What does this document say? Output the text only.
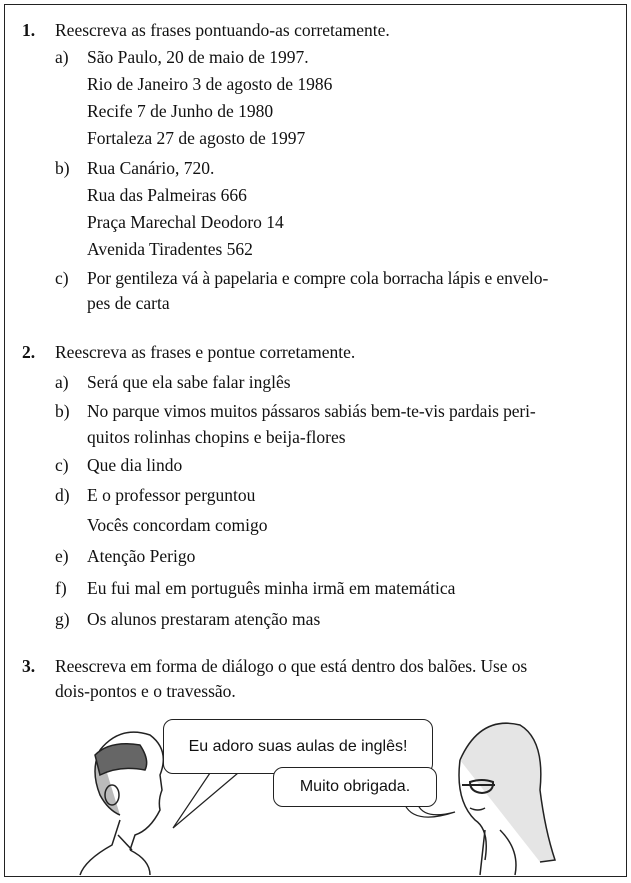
1. Reescreva as frases pontuando-as corretamente.
a) São Paulo, 20 de maio de 1997.
Rio de Janeiro 3 de agosto de 1986
Recife 7 de Junho de 1980
Fortaleza 27 de agosto de 1997
b) Rua Canário, 720.
Rua das Palmeiras 666
Praça Marechal Deodoro 14
Avenida Tiradentes 562
c) Por gentileza vá à papelaria e compre cola borracha lápis e envelo-
pes de carta
2. Reescreva as frases e pontue corretamente.
a) Será que ela sabe falar inglês
b) No parque vimos muitos pássaros sabiás bem-te-vis pardais peri-
quitos rolinhas chopins e beija-flores
c) Que dia lindo
d) E o professor perguntou
Vocês concordam comigo
e) Atenção Perigo
f) Eu fui mal em português minha irmã em matemática
g) Os alunos prestaram atenção mas
3. Reescreva em forma de diálogo o que está dentro dos balões. Use os
dois-pontos e o travessão.
Eu adoro suas aulas de inglês!
Muito obrigada.
